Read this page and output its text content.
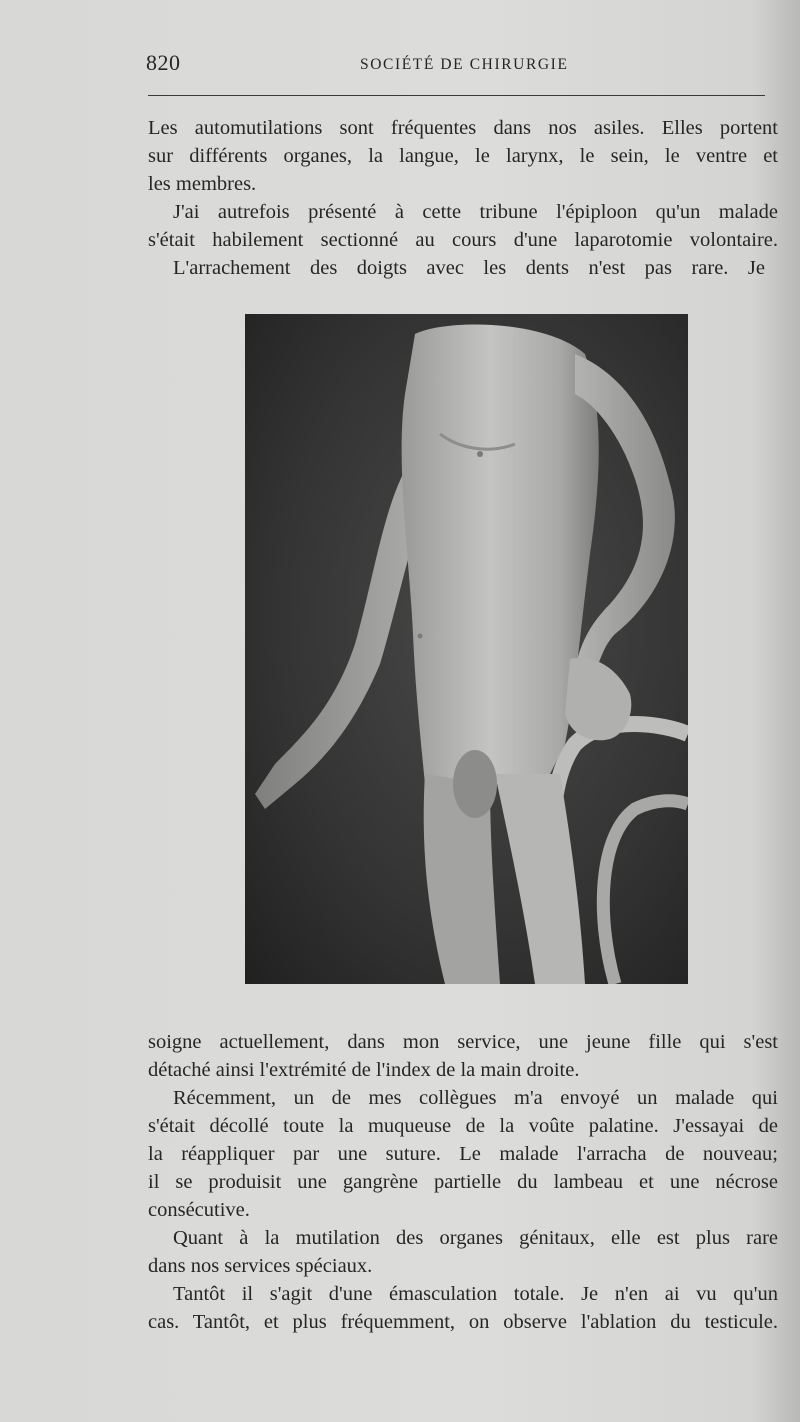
820	SOCIÉTÉ DE CHIRURGIE
Les automutilations sont fréquentes dans nos asiles. Elles portent
sur différents organes, la langue, le larynx, le sein, le ventre et
les membres.
J'ai autrefois présenté à cette tribune l'épiploon qu'un malade
s'était habilement sectionné au cours d'une laparotomie volontaire.
L'arrachement des doigts avec les dents n'est pas rare. Je
soigne actuellement, dans mon service, une jeune fille qui s'est
détaché ainsi l'extrémité de l'index de la main droite.
Récemment, un de mes collègues m'a envoyé un malade qui
s'était décollé toute la muqueuse de la voûte palatine. J'essayai de
la réappliquer par une suture. Le malade l'arracha de nouveau;
il se produisit une gangrène partielle du lambeau et une nécrose
consécutive.
Quant à la mutilation des organes génitaux, elle est plus rare
dans nos services spéciaux.
Tantôt il s'agit d'une émasculation totale. Je n'en ai vu qu'un
cas. Tantôt, et plus fréquemment, on observe l'ablation du testicule.
